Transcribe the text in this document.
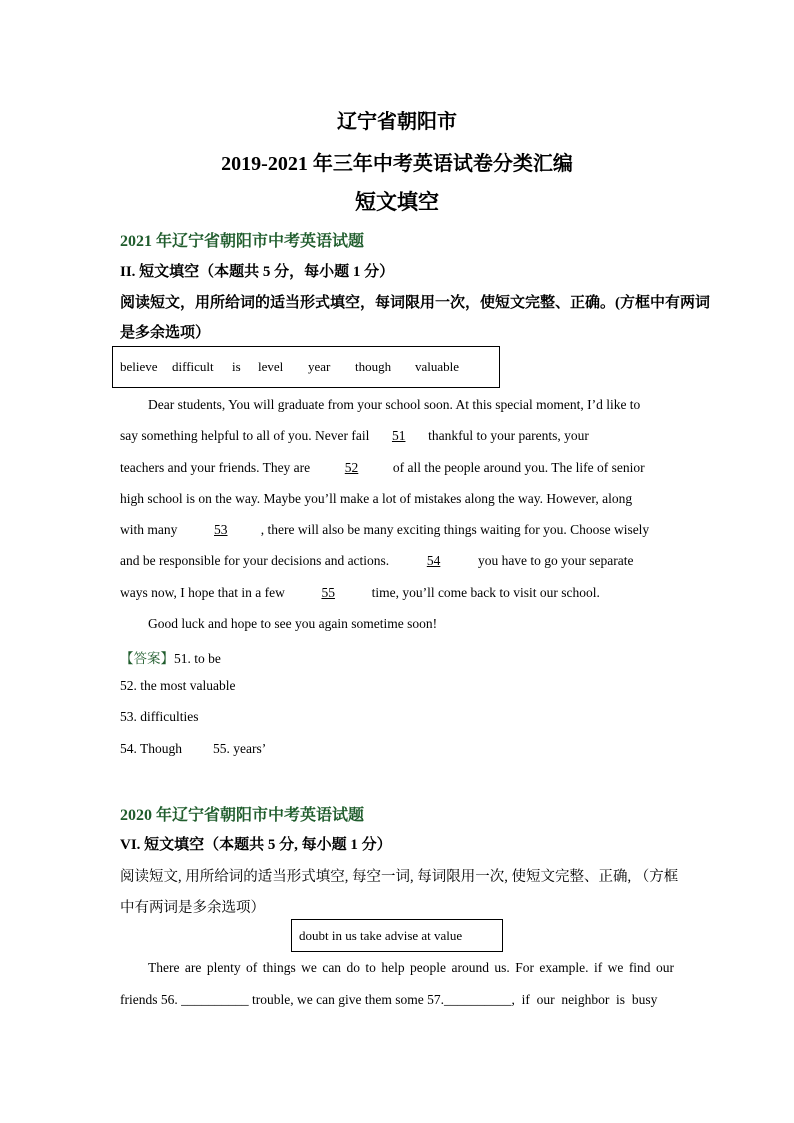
辽宁省朝阳市
2019-2021 年三年中考英语试卷分类汇编
短文填空
2021 年辽宁省朝阳市中考英语试题
II. 短文填空（本题共 5 分，每小题 1 分）
阅读短文，用所给词的适当形式填空，每词限用一次，使短文完整、正确。(方框中有两词
是多余选项）
believe difficult is level year though valuable
Dear students, You will graduate from your school soon. At this special moment, I’d like to
say something helpful to all of you. Never fail 51 thankful to your parents, your
teachers and your friends. They are	52	of all the people around you. The life of senior
high school is on the way. Maybe you’ll make a lot of mistakes along the way. However, along
with many	53 , there will also be many exciting things waiting for you. Choose wisely
and be responsible for your decisions and actions.	54	you have to go your separate
ways now, I hope that in a few	55	time, you’ll come back to visit our school.
Good luck and hope to see you again sometime soon!
【答案】51. to be
52. the most valuable
53. difficulties
54. Though 55. years’
2020 年辽宁省朝阳市中考英语试题
VI. 短文填空（本题共 5 分, 每小题 1 分）
阅读短文, 用所给词的适当形式填空, 每空一词, 每词限用一次, 使短文完整、正确, （方框
中有两词是多余选项）
doubt in us take advise at value
There are plenty of things we can do to help people around us. For example. if we find our
friends 56. __________ trouble, we can give them some 57.__________,  if  our  neighbor  is  busy
